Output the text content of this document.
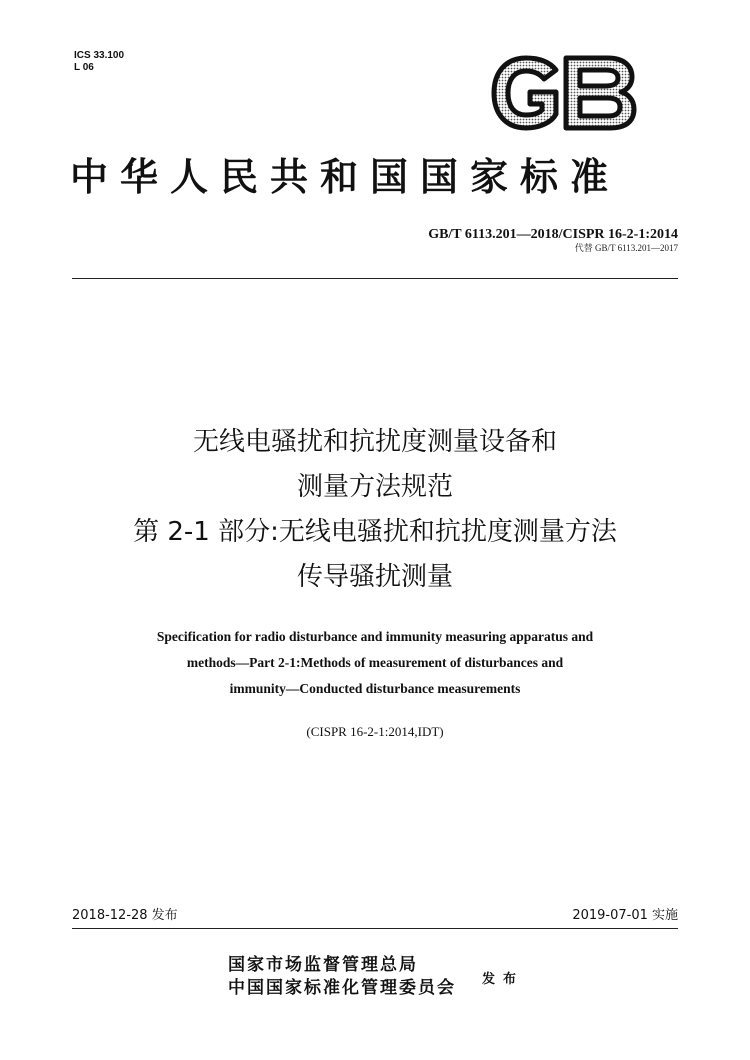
ICS 33.100
L 06
中华人民共和国国家标准
GB/T 6113.201—2018/CISPR 16-2-1:2014
代替 GB/T 6113.201—2017
无线电骚扰和抗扰度测量设备和
测量方法规范
第 2-1 部分:无线电骚扰和抗扰度测量方法
传导骚扰测量
Specification for radio disturbance and immunity measuring apparatus and
methods—Part 2-1:Methods of measurement of disturbances and
immunity—Conducted disturbance measurements
(CISPR 16-2-1:2014,IDT)
2018-12-28 发布	2019-07-01 实施
国家市场监督管理总局
中国国家标准化管理委员会 发布
